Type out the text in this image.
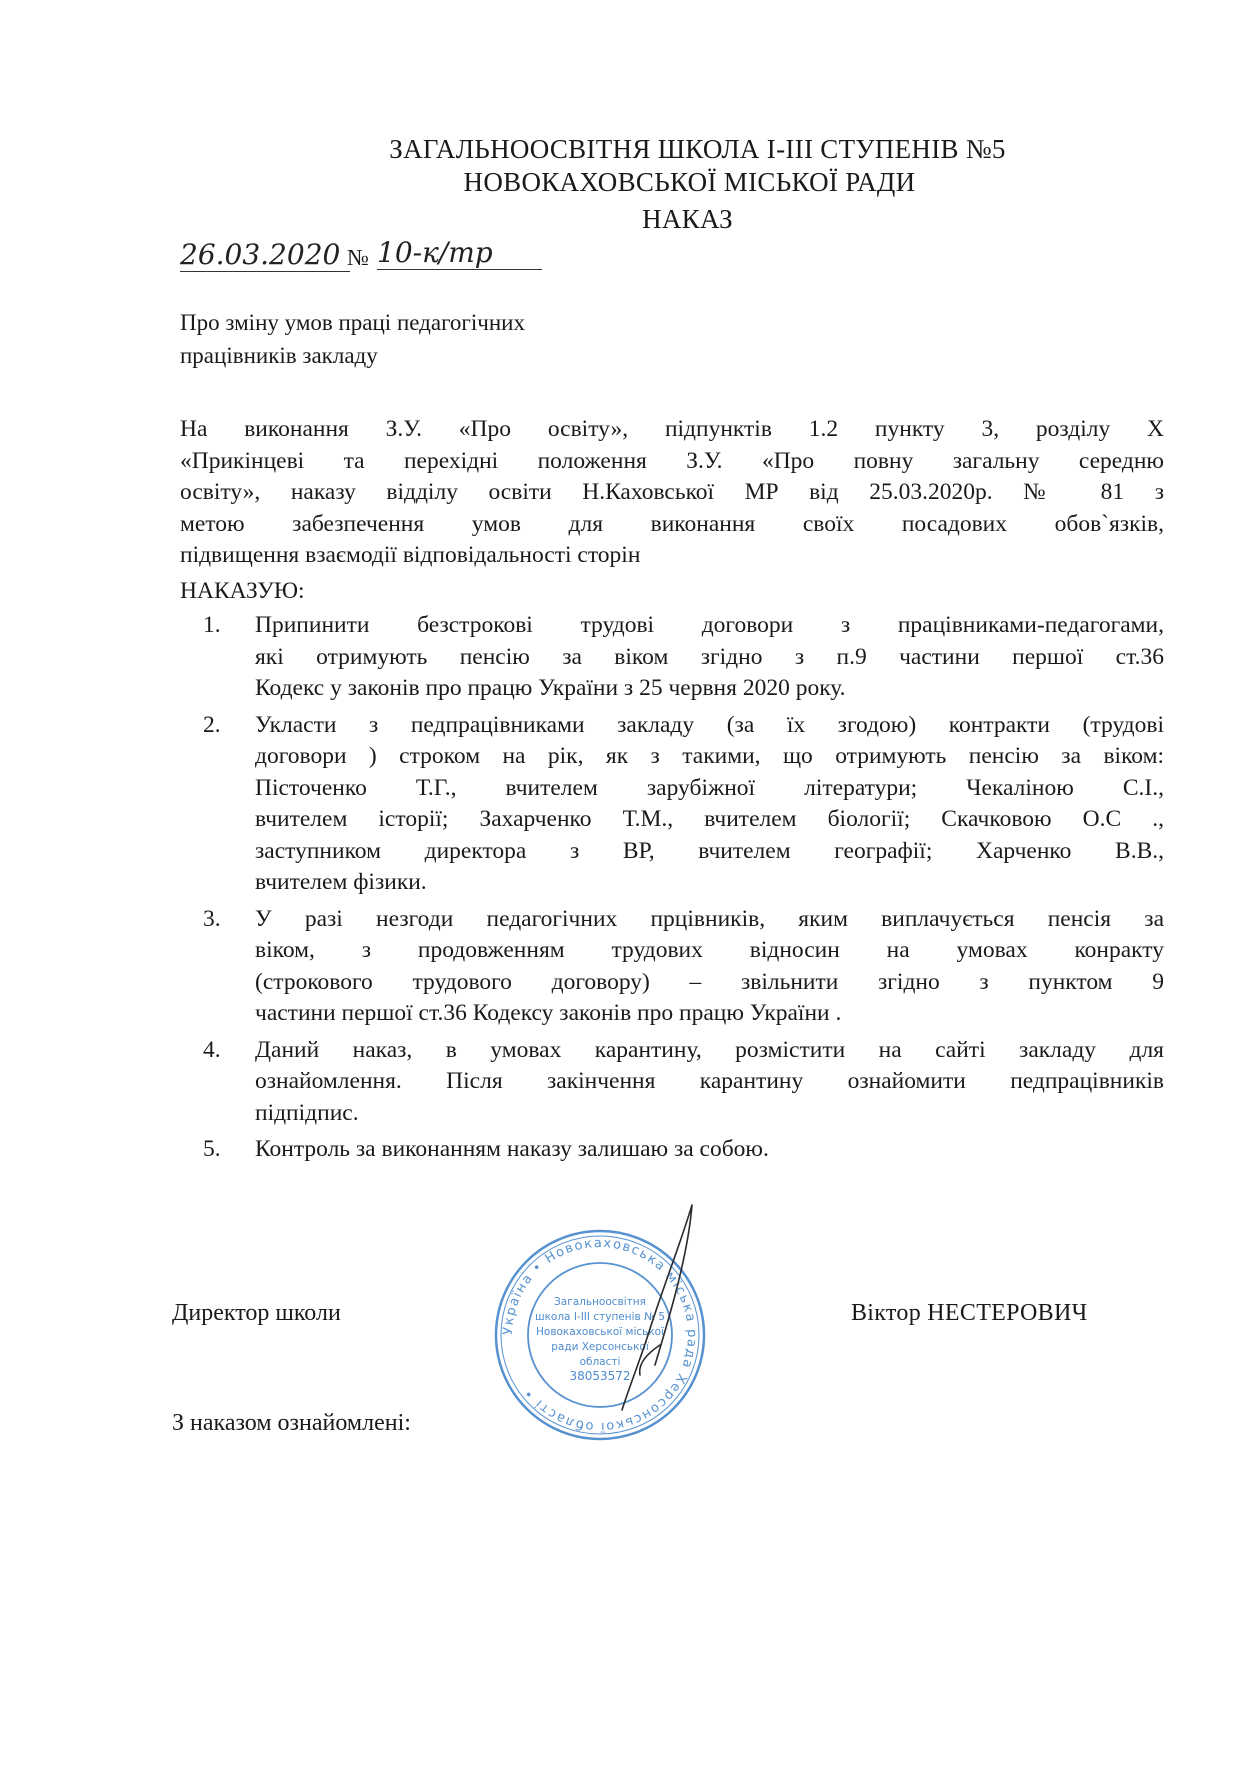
ЗАГАЛЬНООСВІТНЯ ШКОЛА І-ІІІ СТУПЕНІВ №5
НОВОКАХОВСЬКОЇ МІСЬКОЇ РАДИ
НАКАЗ
26.03.2020 № 10-к/тр
Про зміну умов праці педагогічних
працівників закладу
На виконання З.У. «Про освіту», підпунктів 1.2 пункту 3, розділу Х
«Прикінцеві та перехідні положення З.У. «Про повну загальну середню
освіту», наказу відділу освіти Н.Каховської МР від 25.03.2020р. № 81 з
метою забезпечення умов для виконання своїх посадових обов`язків,
підвищення взаємодії відповідальності сторін
НАКАЗУЮ:
1.	Припинити безстрокові трудові договори з працівниками-педагогами,
які отримують пенсію за віком згідно з п.9 частини першої ст.36
Кодекс у законів про працю України з 25 червня 2020 року.
2.	Укласти з педпрацівниками закладу (за їх згодою) контракти (трудові
договори ) строком на рік, як з такими, що отримують пенсію за віком:
Пісточенко Т.Г., вчителем зарубіжної літератури; Чекаліною С.І.,
вчителем історії; Захарченко Т.М., вчителем біології; Скачковою О.С .,
заступником директора з ВР, вчителем географії; Харченко В.В.,
вчителем фізики.
3.	У разі незгоди педагогічних прцівників, яким виплачується пенсія за
віком, з продовженням трудових відносин на умовах конракту
(строкового трудового договору) – звільнити згідно з пунктом 9
частини першої ст.36 Кодексу законів про працю України .
4.	Даний наказ, в умовах карантину, розмістити на сайті закладу для
ознайомлення. Після закінчення карантину ознайомити педпрацівників
підпідпис.
5.	Контроль за виконанням наказу залишаю за собою.
Директор школи	Віктор НЕСТЕРОВИЧ
З наказом ознайомлені:
Україна • Новокаховська міська рада Херсонської області •
Загальноосвітня
школа І-ІІІ ступенів № 5
Новокаховської міської
ради Херсонської
області
38053572
